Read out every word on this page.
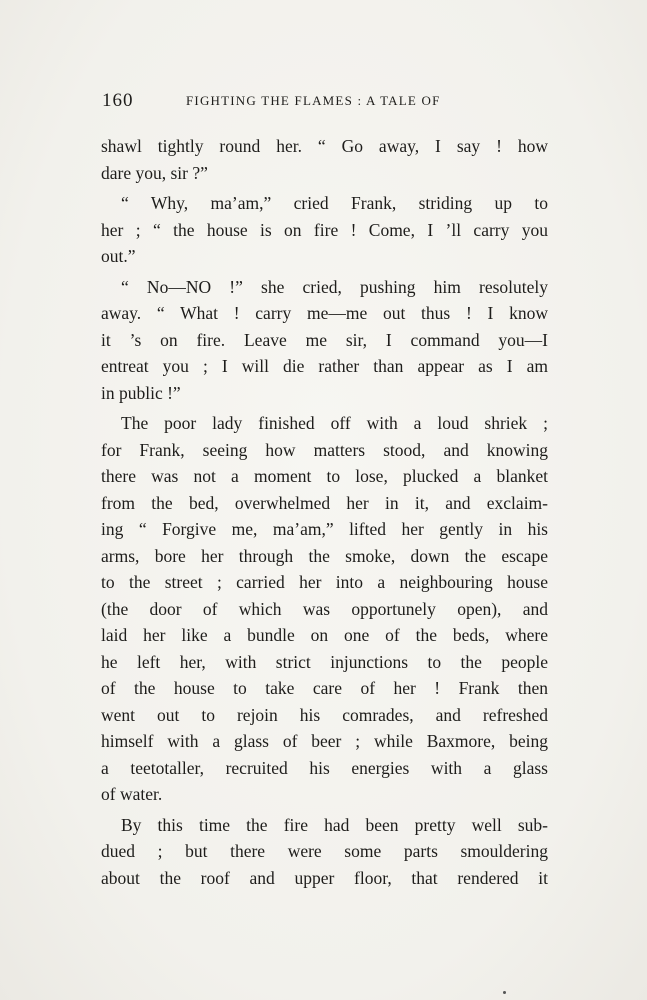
160	FIGHTING THE FLAMES : A TALE OF
shawl tightly round her. “ Go away, I say ! how
dare you, sir ?”
“ Why, ma’am,” cried Frank, striding up to
her ; “ the house is on fire ! Come, I ’ll carry you
out.”
“ No—NO !” she cried, pushing him resolutely
away. “ What ! carry me—me out thus ! I know
it ’s on fire. Leave me sir, I command you—I
entreat you ; I will die rather than appear as I am
in public !”
The poor lady finished off with a loud shriek ;
for Frank, seeing how matters stood, and knowing
there was not a moment to lose, plucked a blanket
from the bed, overwhelmed her in it, and exclaim-
ing “ Forgive me, ma’am,” lifted her gently in his
arms, bore her through the smoke, down the escape
to the street ; carried her into a neighbouring house
(the door of which was opportunely open), and
laid her like a bundle on one of the beds, where
he left her, with strict injunctions to the people
of the house to take care of her ! Frank then
went out to rejoin his comrades, and refreshed
himself with a glass of beer ; while Baxmore, being
a teetotaller, recruited his energies with a glass
of water.
By this time the fire had been pretty well sub-
dued ; but there were some parts smouldering
about the roof and upper floor, that rendered it
